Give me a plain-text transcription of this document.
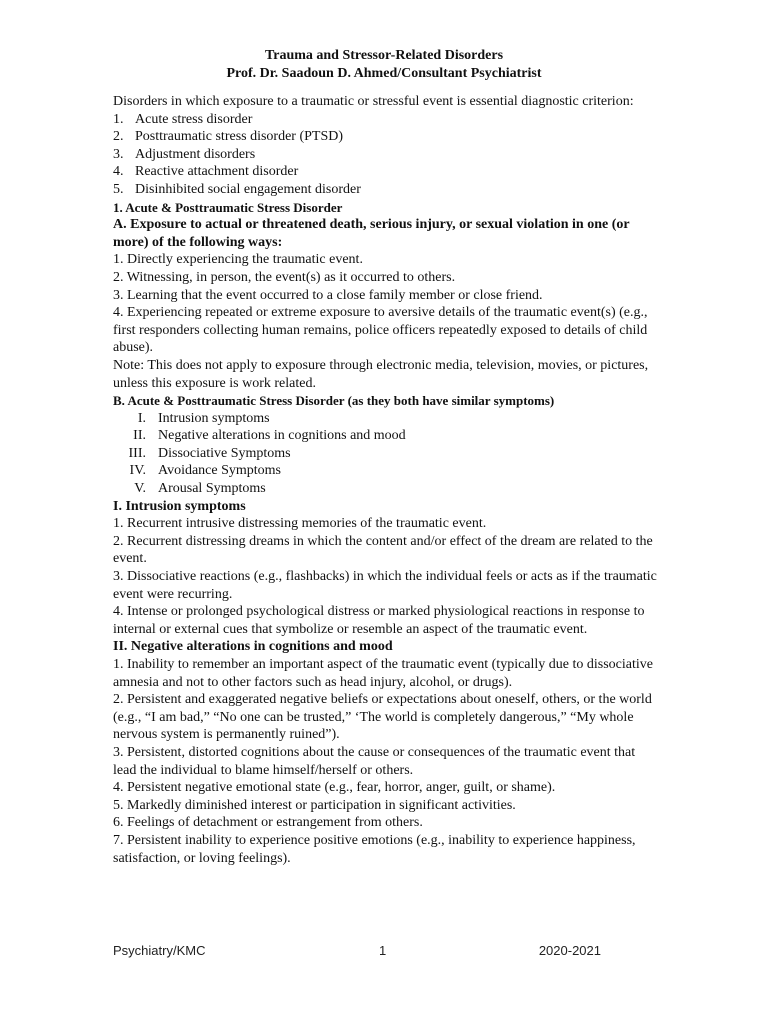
Trauma and Stressor-Related Disorders
Prof. Dr. Saadoun D. Ahmed/Consultant Psychiatrist

Disorders in which exposure to a traumatic or stressful event is essential diagnostic criterion:

1. Acute stress disorder

2. Posttraumatic stress disorder (PTSD)

3. Adjustment disorders

4. Reactive attachment disorder

5. Disinhibited social engagement disorder

1. Acute & Posttraumatic Stress Disorder

A. Exposure to actual or threatened death, serious injury, or sexual violation in one (or more) of the following ways:

1. Directly experiencing the traumatic event.

2. Witnessing, in person, the event(s) as it occurred to others.

3. Learning that the event occurred to a close family member or close friend.

4. Experiencing repeated or extreme exposure to aversive details of the traumatic event(s) (e.g., first responders collecting human remains, police officers repeatedly exposed to details of child abuse).

Note: This does not apply to exposure through electronic media, television, movies, or pictures, unless this exposure is work related.

B. Acute & Posttraumatic Stress Disorder (as they both have similar symptoms)

I. Intrusion symptoms

II. Negative alterations in cognitions and mood

III. Dissociative Symptoms

IV. Avoidance Symptoms

V. Arousal Symptoms

I. Intrusion symptoms

1. Recurrent intrusive distressing memories of the traumatic event.

2. Recurrent distressing dreams in which the content and/or effect of the dream are related to the event.

3. Dissociative reactions (e.g., flashbacks) in which the individual feels or acts as if the traumatic event were recurring.

4. Intense or prolonged psychological distress or marked physiological reactions in response to internal or external cues that symbolize or resemble an aspect of the traumatic event.

II. Negative alterations in cognitions and mood

1. Inability to remember an important aspect of the traumatic event (typically due to dissociative amnesia and not to other factors such as head injury, alcohol, or drugs).

2. Persistent and exaggerated negative beliefs or expectations about oneself, others, or the world (e.g., “I am bad,” “No one can be trusted,” ‘The world is completely dangerous,” “My whole nervous system is permanently ruined”).

3. Persistent, distorted cognitions about the cause or consequences of the traumatic event that lead the individual to blame himself/herself or others.

4. Persistent negative emotional state (e.g., fear, horror, anger, guilt, or shame).

5. Markedly diminished interest or participation in significant activities.

6. Feelings of detachment or estrangement from others.

7. Persistent inability to experience positive emotions (e.g., inability to experience happiness, satisfaction, or loving feelings).

Psychiatry/KMC	1	2020-2021
